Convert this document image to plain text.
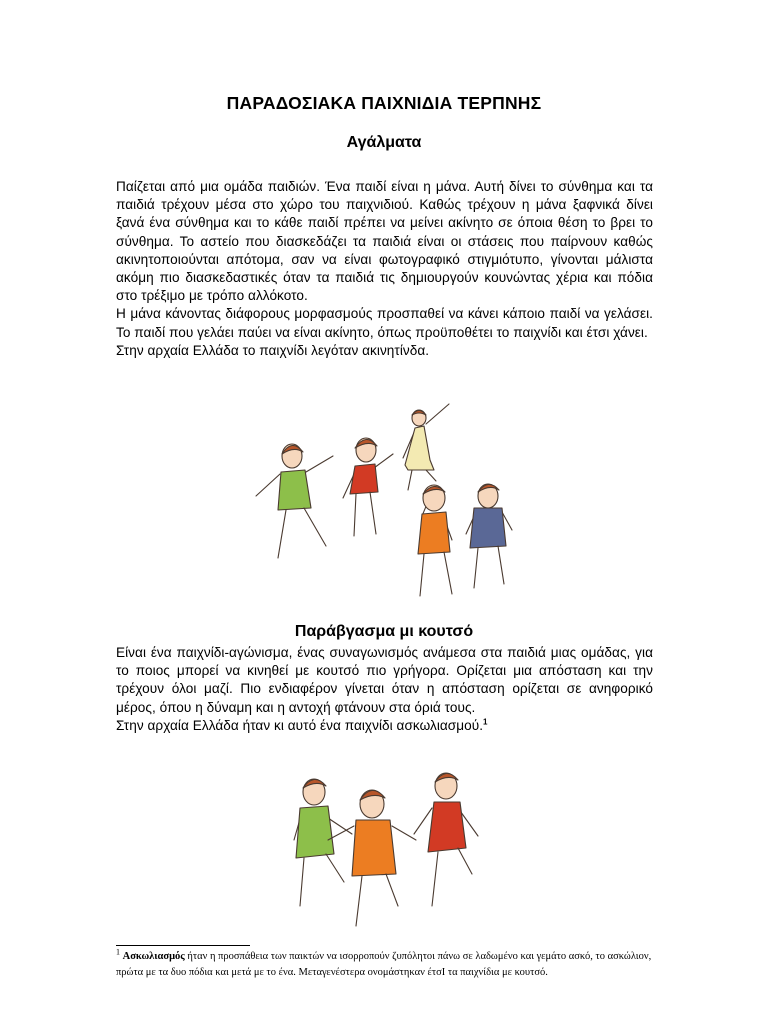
ΠΑΡΑΔΟΣΙΑΚΑ ΠΑΙΧΝΙΔΙΑ ΤΕΡΠΝΗΣ
Αγάλματα

Παίζεται από μια ομάδα παιδιών. Ένα παιδί είναι η μάνα. Αυτή δίνει το σύνθημα και τα παιδιά τρέχουν μέσα στο χώρο του παιχνιδιού. Καθώς τρέχουν η μάνα ξαφνικά δίνει ξανά ένα σύνθημα και το κάθε παιδί πρέπει να μείνει ακίνητο σε όποια θέση το βρει το σύνθημα. Το αστείο που διασκεδάζει τα παιδιά είναι οι στάσεις που παίρνουν καθώς ακινητοποιούνται απότομα, σαν να είναι φωτογραφικό στιγμιότυπο, γίνονται μάλιστα ακόμη πιο διασκεδαστικές όταν τα παιδιά τις δημιουργούν κουνώντας χέρια και πόδια στο τρέξιμο με τρόπο αλλόκοτο.

Η μάνα κάνοντας διάφορους μορφασμούς προσπαθεί να κάνει κάποιο παιδί να γελάσει. Το παιδί που γελάει παύει να είναι ακίνητο, όπως προϋποθέτει το παιχνίδι και έτσι χάνει.

Στην αρχαία Ελλάδα το παιχνίδι λεγόταν ακινητίνδα.

Παράβγασμα μι κουτσό

Είναι ένα παιχνίδι-αγώνισμα, ένας συναγωνισμός ανάμεσα στα παιδιά μιας ομάδας, για το ποιος μπορεί να κινηθεί με κουτσό πιο γρήγορα. Ορίζεται μια απόσταση και την τρέχουν όλοι μαζί. Πιο ενδιαφέρον γίνεται όταν η απόσταση ορίζεται σε ανηφορικό μέρος, όπου η δύναμη και η αντοχή φτάνουν στα όριά τους.

Στην αρχαία Ελλάδα ήταν κι αυτό ένα παιχνίδι ασκωλιασμού.$^1$

$^1$ Ασκωλιασμός ήταν η προσπάθεια των παικτών να ισορροπούν ζυπόλητοι πάνω σε λαδωμένο και γεμάτο ασκό, το ασκώλιον, πρώτα με τα δυο πόδια και μετά με το ένα. Μεταγενέστερα ονομάστηκαν έτσΙ τα παιχνίδια με κουτσό.
